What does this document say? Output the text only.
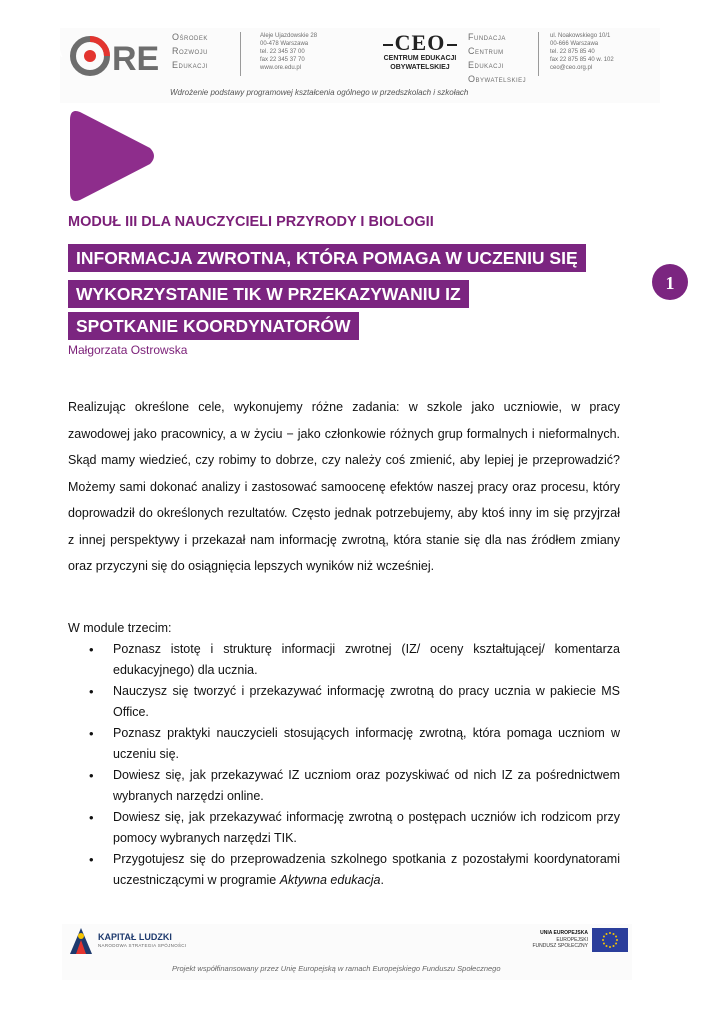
RE
Ośrodek
Rozwoju
Edukacji
Aleje Ujazdowskie 28
00-478 Warszawa
tel. 22 345 37 00
fax 22 345 37 70
www.ore.edu.pl
CEO
CENTRUM EDUKACJI
OBYWATELSKIEJ
Fundacja
Centrum
Edukacji
Obywatelskiej
ul. Noakowskiego 10/1
00-666 Warszawa
tel. 22 875 85 40
fax 22 875 85 40 w. 102
ceo@ceo.org.pl
Wdrożenie podstawy programowej kształcenia ogólnego w przedszkolach i szkołach
AKTYWNA
EDUKACJA
MODUŁ III DLA NAUCZYCIELI PRZYRODY I BIOLOGII
INFORMACJA ZWROTNA, KTÓRA POMAGA W UCZENIU SIĘ
WYKORZYSTANIE TIK W PRZEKAZYWANIU IZ
SPOTKANIE KOORDYNATORÓW
Małgorzata Ostrowska
1

Realizując określone cele, wykonujemy różne zadania: w szkole jako uczniowie, w pracy zawodowej jako pracownicy, a w życiu − jako członkowie różnych grup formalnych i nieformalnych. Skąd mamy wiedzieć, czy robimy to dobrze, czy należy coś zmienić, aby lepiej je przeprowadzić? Możemy sami dokonać analizy i zastosować samoocenę efektów naszej pracy oraz procesu, który doprowadził do określonych rezultatów. Często jednak potrzebujemy, aby ktoś inny im się przyjrzał z innej perspektywy i przekazał nam informację zwrotną, która stanie się dla nas źródłem zmiany oraz przyczyni się do osiągnięcia lepszych wyników niż wcześniej.

W module trzecim:
• Poznasz istotę i strukturę informacji zwrotnej (IZ/ oceny kształtującej/ komentarza edukacyjnego) dla ucznia.
• Nauczysz się tworzyć i przekazywać informację zwrotną do pracy ucznia w pakiecie MS Office.
• Poznasz praktyki nauczycieli stosujących informację zwrotną, która pomaga uczniom w uczeniu się.
• Dowiesz się, jak przekazywać IZ uczniom oraz pozyskiwać od nich IZ za pośrednictwem wybranych narzędzi online.
• Dowiesz się, jak przekazywać informację zwrotną o postępach uczniów ich rodzicom przy pomocy wybranych narzędzi TIK.
• Przygotujesz się do przeprowadzenia szkolnego spotkania z pozostałymi koordynatorami uczestniczącymi w programie Aktywna edukacja.
KAPITAŁ LUDZKI
NARODOWA STRATEGIA SPÓJNOŚCI
UNIA EUROPEJSKA
EUROPEJSKI
FUNDUSZ SPOŁECZNY
Projekt współfinansowany przez Unię Europejską w ramach Europejskiego Funduszu Społecznego
